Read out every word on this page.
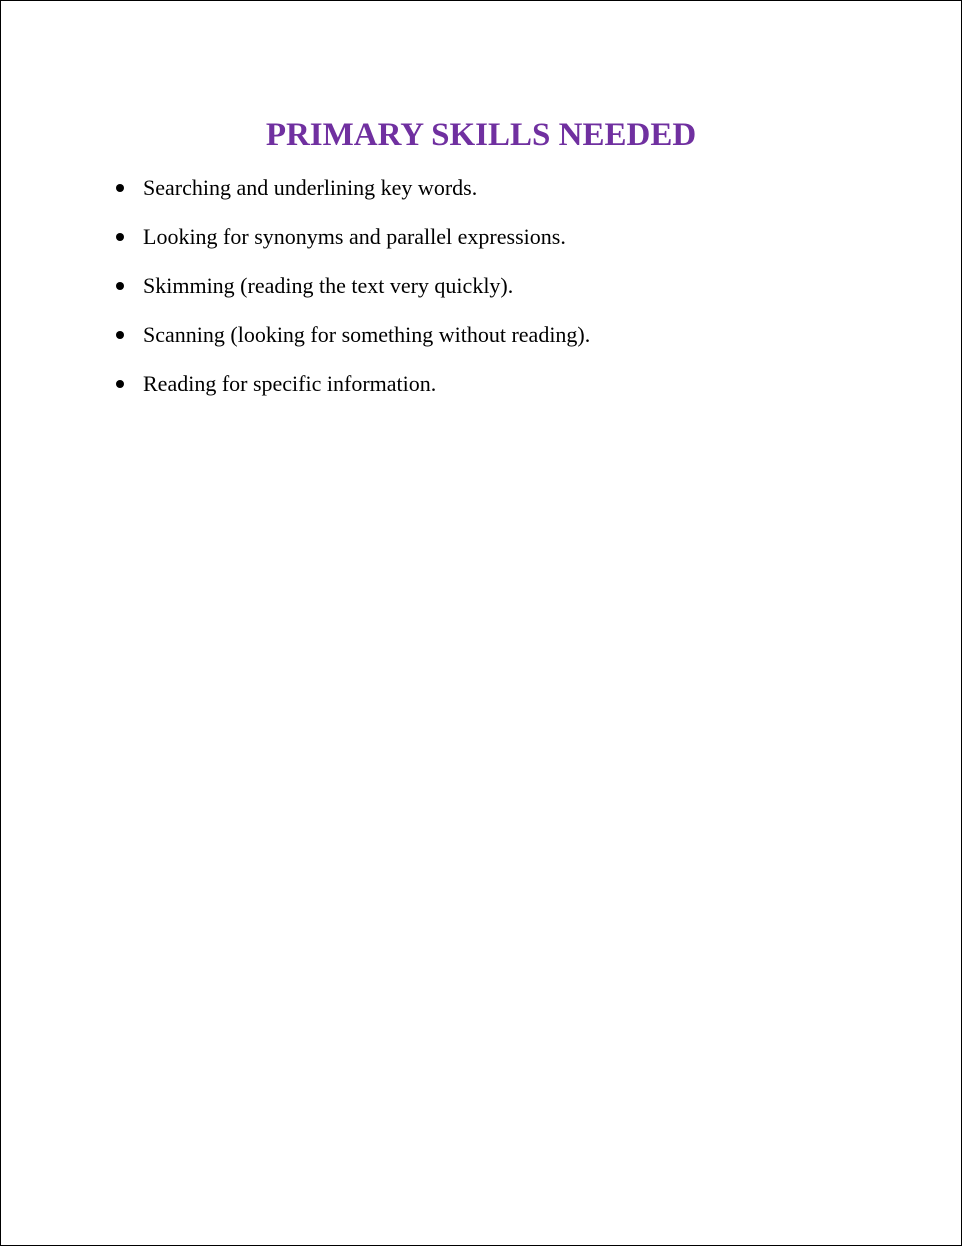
PRIMARY SKILLS NEEDED
Searching and underlining key words.
Looking for synonyms and parallel expressions.
Skimming (reading the text very quickly).
Scanning (looking for something without reading).
Reading for specific information.
